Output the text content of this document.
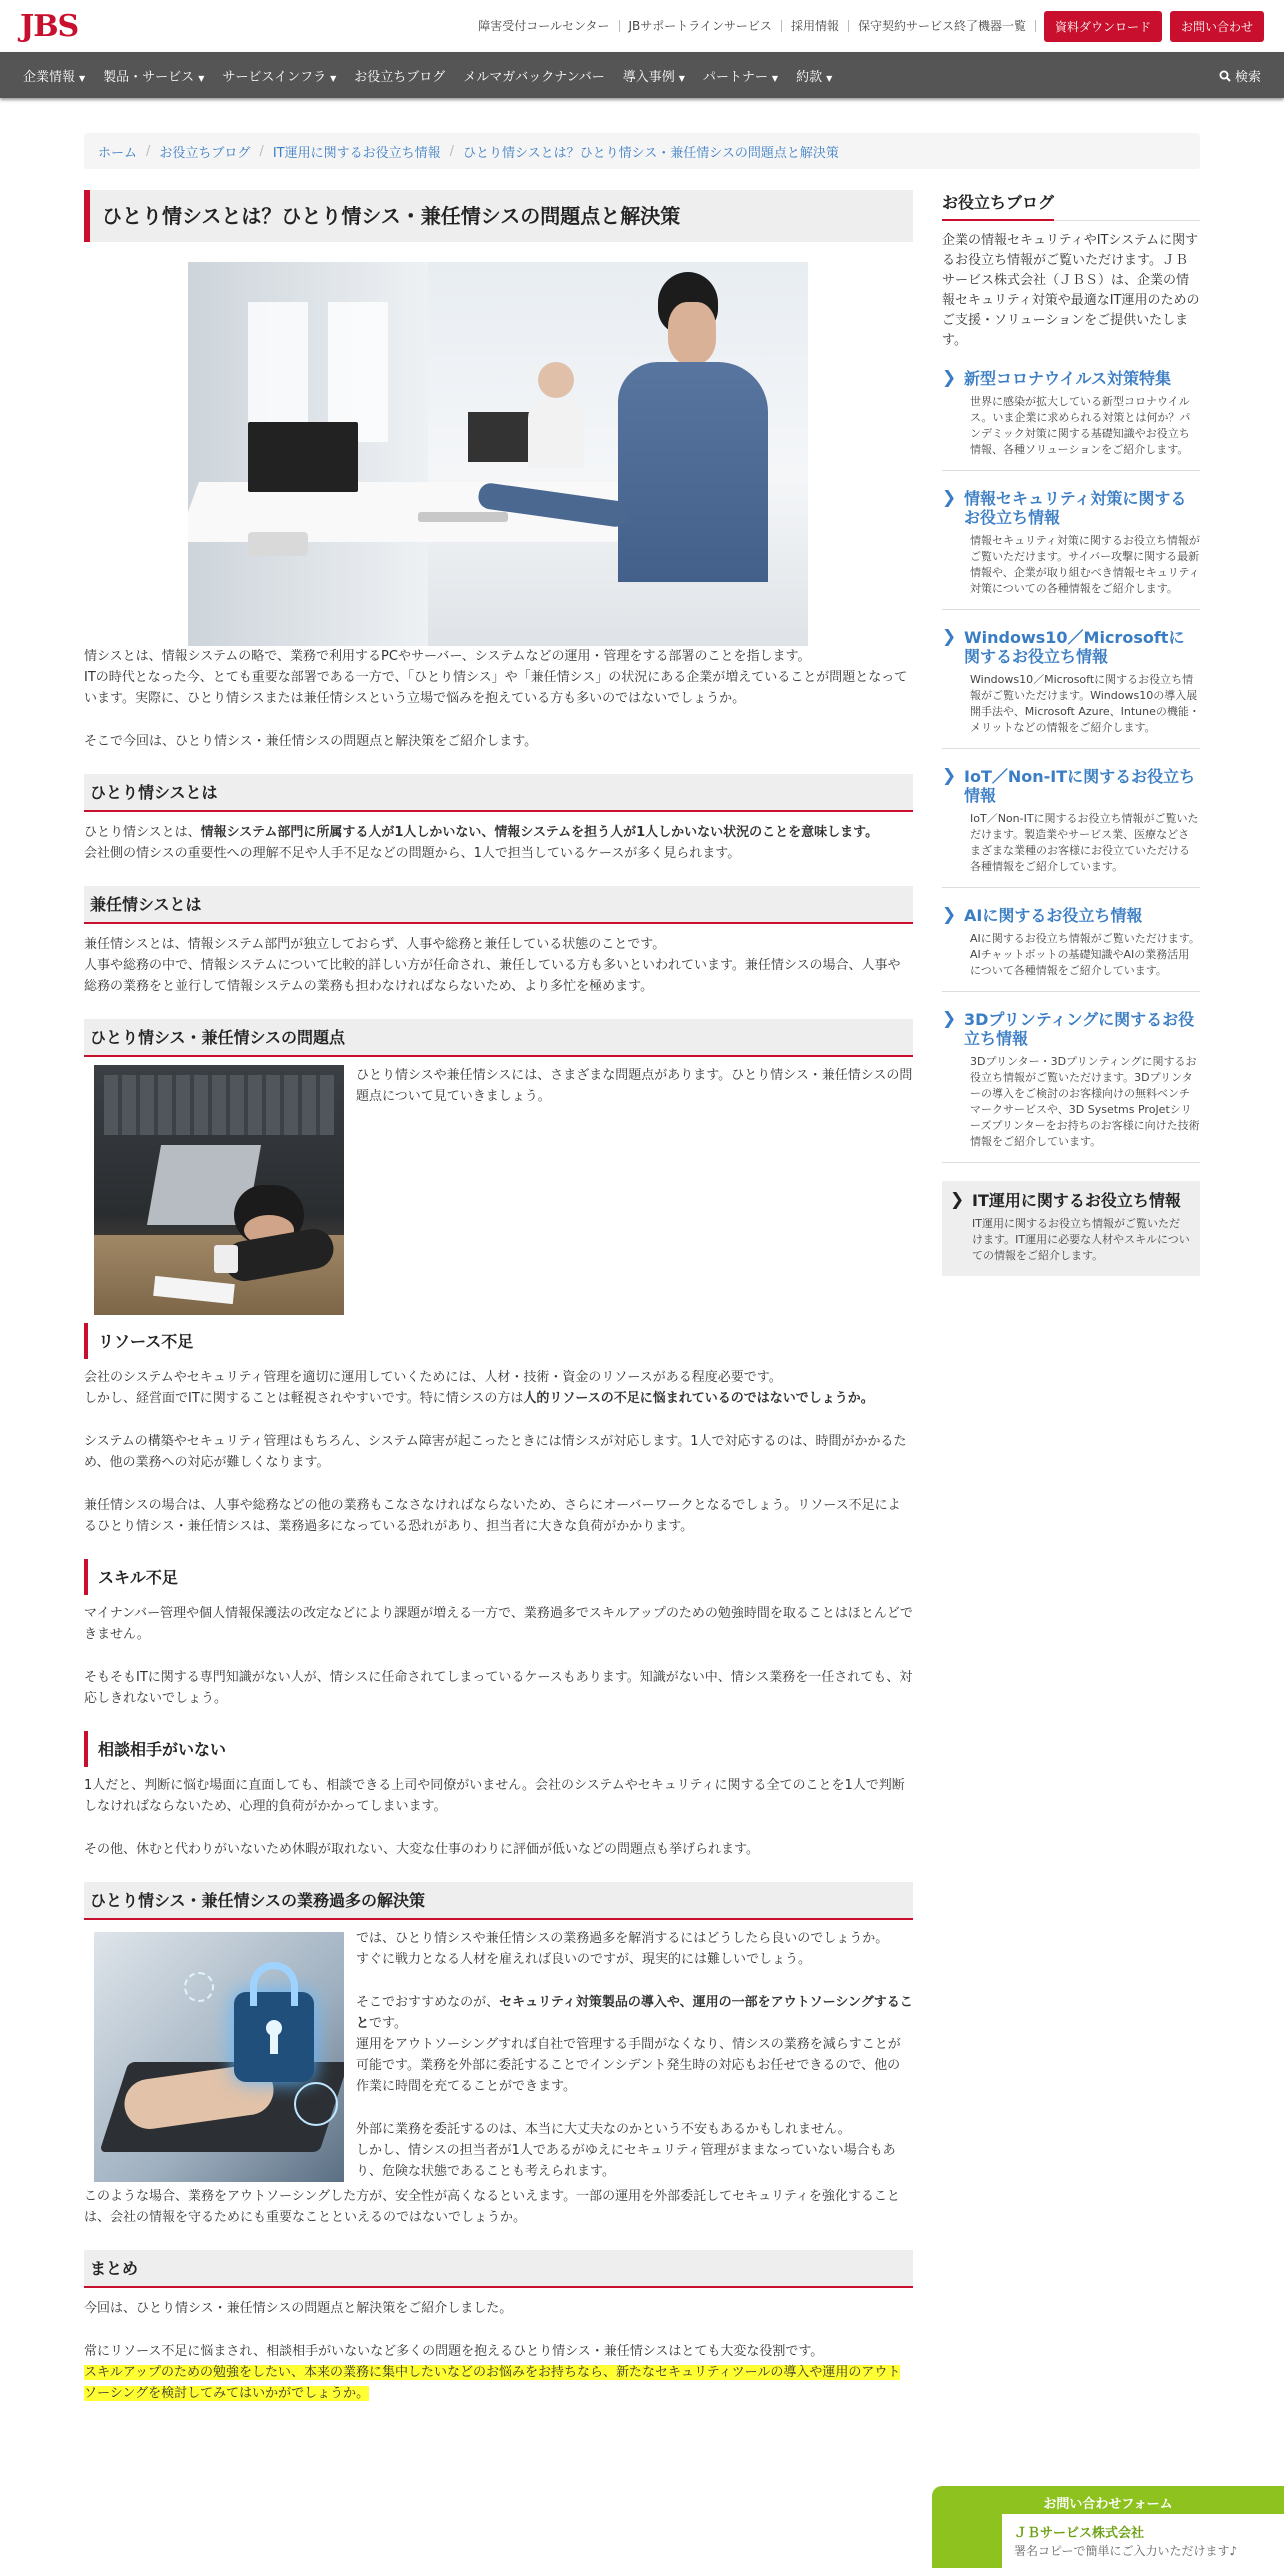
JBS	障害受付コールセンター	JBサポートラインサービス	採用情報	保守契約サービス終了機器一覧	資料ダウンロード	お問い合わせ
企業情報 ▼	製品・サービス ▼	サービスインフラ ▼	お役立ちブログ	メルマガバックナンバー	導入事例 ▼	パートナー ▼	約款 ▼	検索
ホーム / お役立ちブログ / IT運用に関するお役立ち情報 / ひとり情シスとは？ひとり情シス・兼任情シスの問題点と解決策
ひとり情シスとは？ひとり情シス・兼任情シスの問題点と解決策

情シスとは、情報システムの略で、業務で利用するPCやサーバー、システムなどの運用・管理をする部署のことを指します。

ITの時代となった今、とても重要な部署である一方で、「ひとり情シス」や「兼任情シス」の状況にある企業が増えていることが問題となっています。実際に、ひとり情シスまたは兼任情シスという立場で悩みを抱えている方も多いのではないでしょうか。

そこで今回は、ひとり情シス・兼任情シスの問題点と解決策をご紹介します。

ひとり情シスとは

ひとり情シスとは、情報システム部門に所属する人が1人しかいない、情報システムを担う人が1人しかいない状況のことを意味します。

会社側の情シスの重要性への理解不足や人手不足などの問題から、1人で担当しているケースが多く見られます。

兼任情シスとは

兼任情シスとは、情報システム部門が独立しておらず、人事や総務と兼任している状態のことです。

人事や総務の中で、情報システムについて比較的詳しい方が任命され、兼任している方も多いといわれています。兼任情シスの場合、人事や総務の業務をと並行して情報システムの業務も担わなければならないため、より多忙を極めます。

ひとり情シス・兼任情シスの問題点

ひとり情シスや兼任情シスには、さまざまな問題点があります。ひとり情シス・兼任情シスの問題点について見ていきましょう。

リソース不足

会社のシステムやセキュリティ管理を適切に運用していくためには、人材・技術・資金のリソースがある程度必要です。

しかし、経営面でITに関することは軽視されやすいです。特に情シスの方は人的リソースの不足に悩まれているのではないでしょうか。

システムの構築やセキュリティ管理はもちろん、システム障害が起こったときには情シスが対応します。1人で対応するのは、時間がかかるため、他の業務への対応が難しくなります。

兼任情シスの場合は、人事や総務などの他の業務もこなさなければならないため、さらにオーバーワークとなるでしょう。リソース不足によるひとり情シス・兼任情シスは、業務過多になっている恐れがあり、担当者に大きな負荷がかかります。

スキル不足

マイナンバー管理や個人情報保護法の改定などにより課題が増える一方で、業務過多でスキルアップのための勉強時間を取ることはほとんどできません。

そもそもITに関する専門知識がない人が、情シスに任命されてしまっているケースもあります。知識がない中、情シス業務を一任されても、対応しきれないでしょう。

相談相手がいない

1人だと、判断に悩む場面に直面しても、相談できる上司や同僚がいません。会社のシステムやセキュリティに関する全てのことを1人で判断しなければならないため、心理的負荷がかかってしまいます。

その他、休むと代わりがいないため休暇が取れない、大変な仕事のわりに評価が低いなどの問題点も挙げられます。

ひとり情シス・兼任情シスの業務過多の解決策

では、ひとり情シスや兼任情シスの業務過多を解消するにはどうしたら良いのでしょうか。

すぐに戦力となる人材を雇えれば良いのですが、現実的には難しいでしょう。

そこでおすすめなのが、セキュリティ対策製品の導入や、運用の一部をアウトソーシングすることです。

運用をアウトソーシングすれば自社で管理する手間がなくなり、情シスの業務を減らすことが可能です。業務を外部に委託することでインシデント発生時の対応もお任せできるので、他の作業に時間を充てることができます。

外部に業務を委託するのは、本当に大丈夫なのかという不安もあるかもしれません。

しかし、情シスの担当者が1人であるがゆえにセキュリティ管理がままなっていない場合もあり、危険な状態であることも考えられます。

このような場合、業務をアウトソーシングした方が、安全性が高くなるといえます。一部の運用を外部委託してセキュリティを強化することは、会社の情報を守るためにも重要なことといえるのではないでしょうか。

まとめ

今回は、ひとり情シス・兼任情シスの問題点と解決策をご紹介しました。

常にリソース不足に悩まされ、相談相手がいないなど多くの問題を抱えるひとり情シス・兼任情シスはとても大変な役割です。

スキルアップのための勉強をしたい、本来の業務に集中したいなどのお悩みをお持ちなら、新たなセキュリティツールの導入や運用のアウトソーシングを検討してみてはいかがでしょうか。

お役立ちブログ

企業の情報セキュリティやITシステムに関するお役立ち情報がご覧いただけます。ＪＢサービス株式会社（ＪＢＳ）は、企業の情報セキュリティ対策や最適なIT運用のためのご支援・ソリューションをご提供いたします。

❯ 新型コロナウイルス対策特集
世界に感染が拡大している新型コロナウイルス。いま企業に求められる対策とは何か？パンデミック対策に関する基礎知識やお役立ち情報、各種ソリューションをご紹介します。
❯ 情報セキュリティ対策に関するお役立ち情報
情報セキュリティ対策に関するお役立ち情報がご覧いただけます。サイバー攻撃に関する最新情報や、企業が取り組むべき情報セキュリティ対策についての各種情報をご紹介します。
❯ Windows10／Microsoftに関するお役立ち情報
Windows10／Microsoftに関するお役立ち情報がご覧いただけます。Windows10の導入展開手法や、Microsoft Azure、Intuneの機能・メリットなどの情報をご紹介します。
❯ IoT／Non-ITに関するお役立ち情報
IoT／Non-ITに関するお役立ち情報がご覧いただけます。製造業やサービス業、医療などさまざまな業種のお客様にお役立ていただける各種情報をご紹介しています。
❯ AIに関するお役立ち情報
AIに関するお役立ち情報がご覧いただけます。AIチャットボットの基礎知識やAIの業務活用について各種情報をご紹介しています。
❯ 3Dプリンティングに関するお役立ち情報
3Dプリンター・3Dプリンティングに関するお役立ち情報がご覧いただけます。3Dプリンターの導入をご検討のお客様向けの無料ベンチマークサービスや、3D Sysetms ProJetシリーズプリンターをお持ちのお客様に向けた技術情報をご紹介しています。
❯ IT運用に関するお役立ち情報
IT運用に関するお役立ち情報がご覧いただけます。IT運用に必要な人材やスキルについての情報をご紹介します。
お問い合わせフォーム
ＪＢサービス株式会社
署名コピーで簡単にご入力いただけます♪
